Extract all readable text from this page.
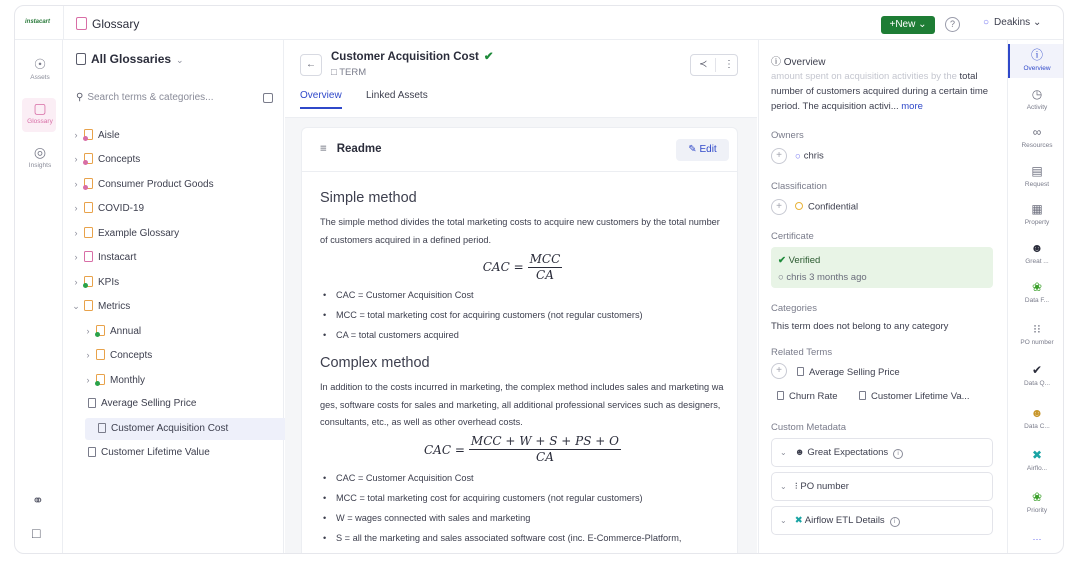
instacart	Glossary	+New ⌄	?	○ Deakins ⌄
☉
Assets
▢
Glossary
◎
Insights
⚭
□
All Glossaries ⌄
⚲ Search terms & categories...
› Aisle
› Concepts
› Consumer Product Goods
› COVID-19
› Example Glossary
› Instacart
› KPIs
⌄ Metrics
› Annual
› Concepts
› Monthly
Average Selling Price
Customer Acquisition Cost
Customer Lifetime Value
←
Customer Acquisition Cost ✔
□ TERM
≺ ⋮
Overview Linked Assets
≡ Readme	✎ Edit
Simple method
The simple method divides the total marketing costs to acquire new customers by the total number of customers acquired in a defined period.
CAC = $\frac{\text{MCC}}{CA}$
• CAC = Customer Acquisition Cost
• MCC = total marketing cost for acquiring customers (not regular customers)
• CA = total customers acquired
Complex method
In addition to the costs incurred in marketing, the complex method includes sales and marketing wages, software costs for sales and marketing, all additional professional services such as designers, consultants, etc., as well as other overhead costs.
CAC = $\frac{\text{MCC + W + S + PS + O}}{CA}$
• CAC = Customer Acquisition Cost
• MCC = total marketing cost for acquiring customers (not regular customers)
• W = wages connected with sales and marketing
• S = all the marketing and sales associated software cost (inc. E-Commerce-Platform,
ⓘ Overview
amount spent on acquisition activities by the total number of customers acquired during a certain time period. The acquisition activi... more
Owners
+ ○ chris
Classification
+	Confidential
Certificate
✔ Verified
○ chris 3 months ago
Categories
This term does not belong to any category
Related Terms
+	Average Selling Price
Churn Rate	Customer Lifetime Va...
Custom Metadata
⌄ ☻ Great Expectations i
⌄ ⁝ PO number
⌄ ✖ Airflow ETL Details i
ⓘ
Overview
◷
Activity
∞
Resources
▤
Request
▦
Property
☻
Great ...
❀
Data F...
⁝⁝
PO number
✔
Data Q...
☻
Data C...
✖
Airflo...
❀
Priority
⋯
